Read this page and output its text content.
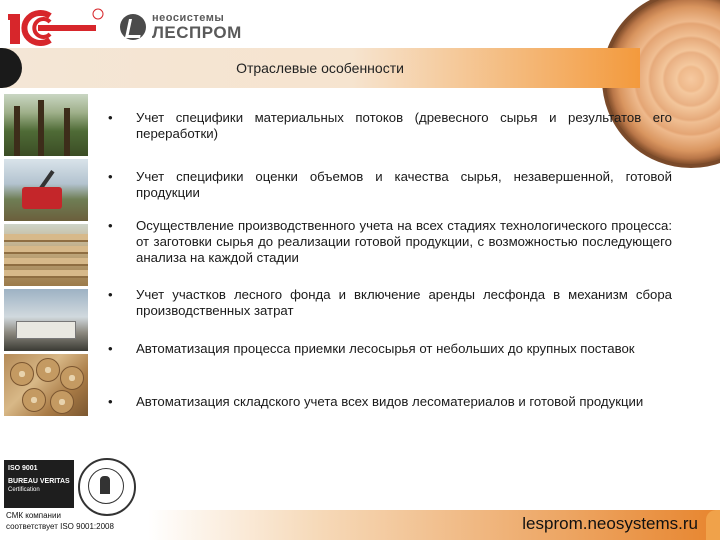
неосистемы
ЛЕСПРОМ
Отраслевые особенности
• Учет специфики материальных потоков (древесного сырья и результатов его переработки)
• Учет специфики оценки объемов и качества сырья, незавершенной, готовой продукции
• Осуществление производственного учета на всех стадиях технологического процесса: от заготовки сырья до реализации готовой продукции, с возможностью последующего анализа на каждой стадии
• Учет участков лесного фонда и включение аренды лесфонда в механизм сбора производственных затрат
• Автоматизация процесса приемки лесосырья от небольших до крупных поставок
• Автоматизация складского учета всех видов лесоматериалов и готовой продукции
ISO 9001
BUREAU VERITAS
Certification
СМК компании
соответствует ISO 9001:2008	lesprom.neosystems.ru
